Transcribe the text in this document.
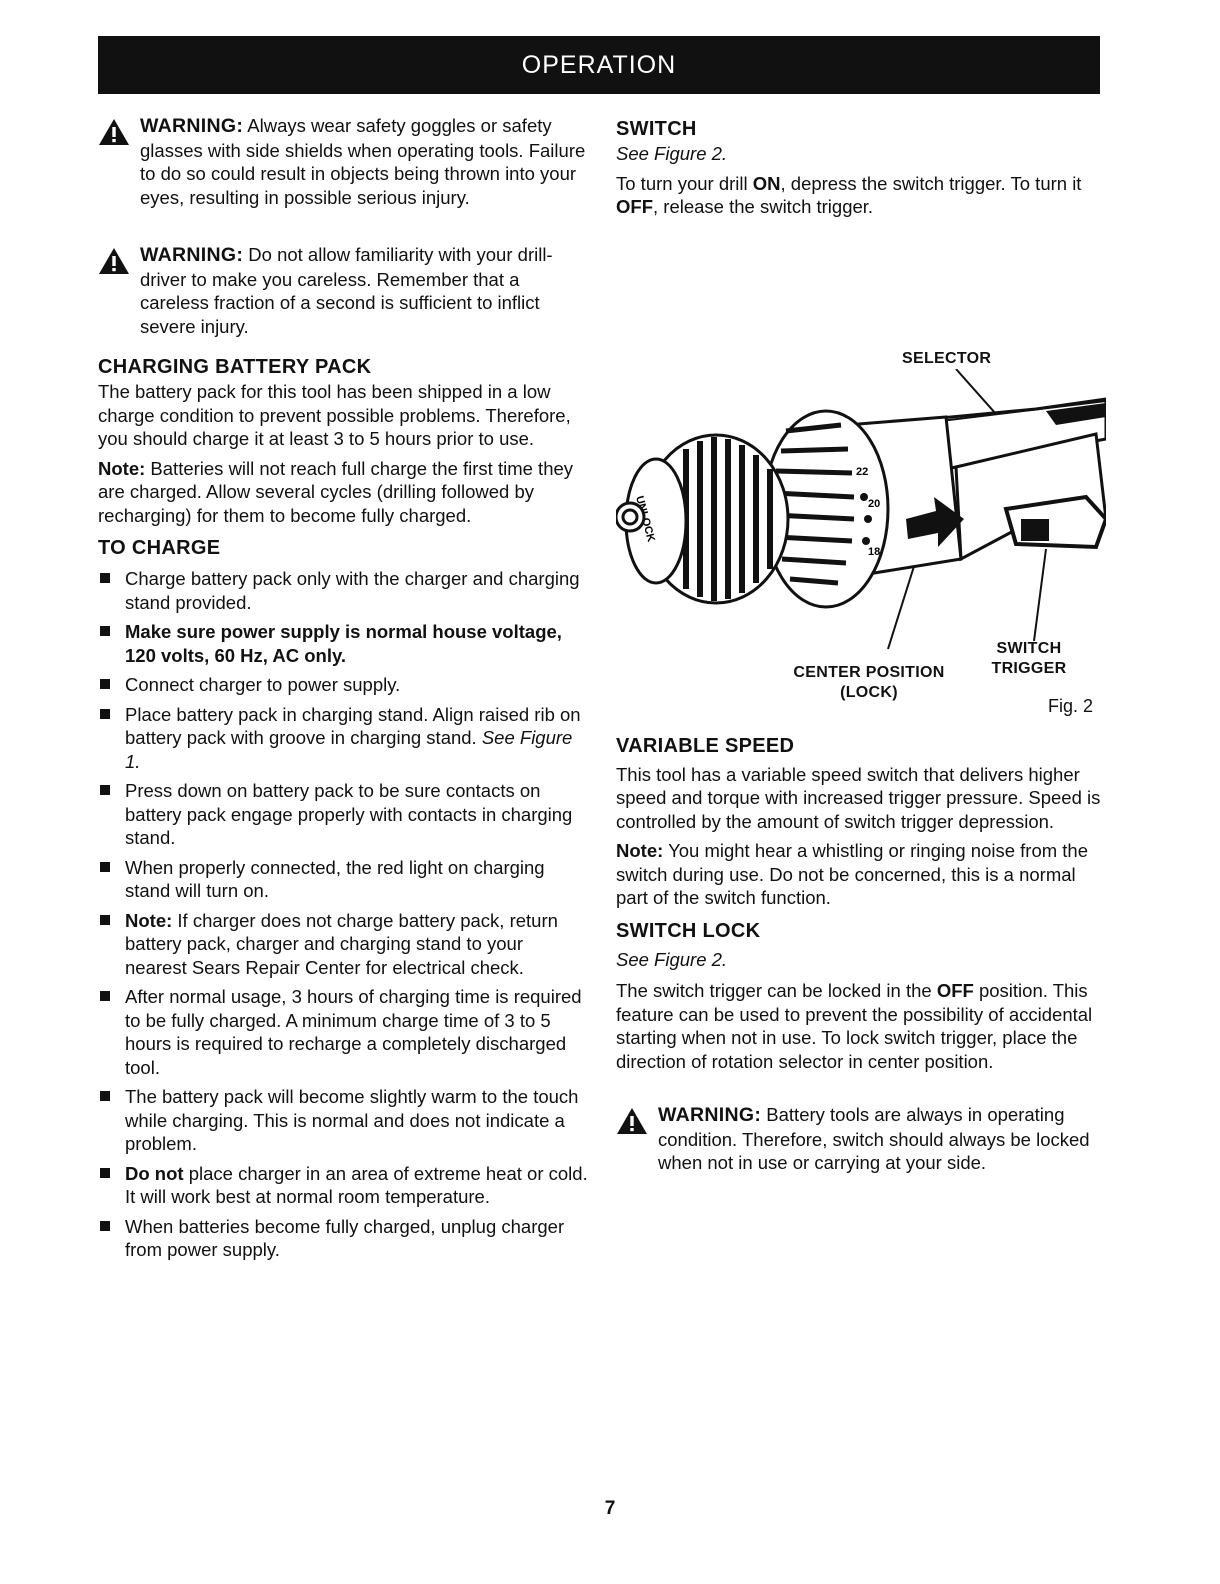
OPERATION
WARNING: Always wear safety goggles or safety glasses with side shields when operating tools. Failure to do so could result in objects being thrown into your eyes, resulting in possible serious injury.
WARNING: Do not allow familiarity with your drill-driver to make you careless. Remember that a careless fraction of a second is sufficient to inflict severe injury.
CHARGING BATTERY PACK

The battery pack for this tool has been shipped in a low charge condition to prevent possible problems. Therefore, you should charge it at least 3 to 5 hours prior to use.

Note: Batteries will not reach full charge the first time they are charged. Allow several cycles (drilling followed by recharging) for them to become fully charged.

TO CHARGE
Charge battery pack only with the charger and charging stand provided.
Make sure power supply is normal house voltage, 120 volts, 60 Hz, AC only.
Connect charger to power supply.
Place battery pack in charging stand. Align raised rib on battery pack with groove in charging stand. See Figure 1.
Press down on battery pack to be sure contacts on battery pack engage properly with contacts in charging stand.
When properly connected, the red light on charging stand will turn on.
Note: If charger does not charge battery pack, return battery pack, charger and charging stand to your nearest Sears Repair Center for electrical check.
After normal usage, 3 hours of charging time is required to be fully charged. A minimum charge time of 3 to 5 hours is required to recharge a completely discharged tool.
The battery pack will become slightly warm to the touch while charging. This is normal and does not indicate a problem.
Do not place charger in an area of extreme heat or cold. It will work best at normal room temperature.
When batteries become fully charged, unplug charger from power supply.
SWITCH

See Figure 2.

To turn your drill ON, depress the switch trigger. To turn it OFF, release the switch trigger.

SELECTOR
22
20
18
CENTER POSITION
(LOCK)
SWITCH
TRIGGER
Fig. 2
VARIABLE SPEED

This tool has a variable speed switch that delivers higher speed and torque with increased trigger pressure. Speed is controlled by the amount of switch trigger depression.

Note: You might hear a whistling or ringing noise from the switch during use. Do not be concerned, this is a normal part of the switch function.

SWITCH LOCK

See Figure 2.

The switch trigger can be locked in the OFF position. This feature can be used to prevent the possibility of accidental starting when not in use. To lock switch trigger, place the direction of rotation selector in center position.

WARNING: Battery tools are always in operating condition. Therefore, switch should always be locked when not in use or carrying at your side.
7
